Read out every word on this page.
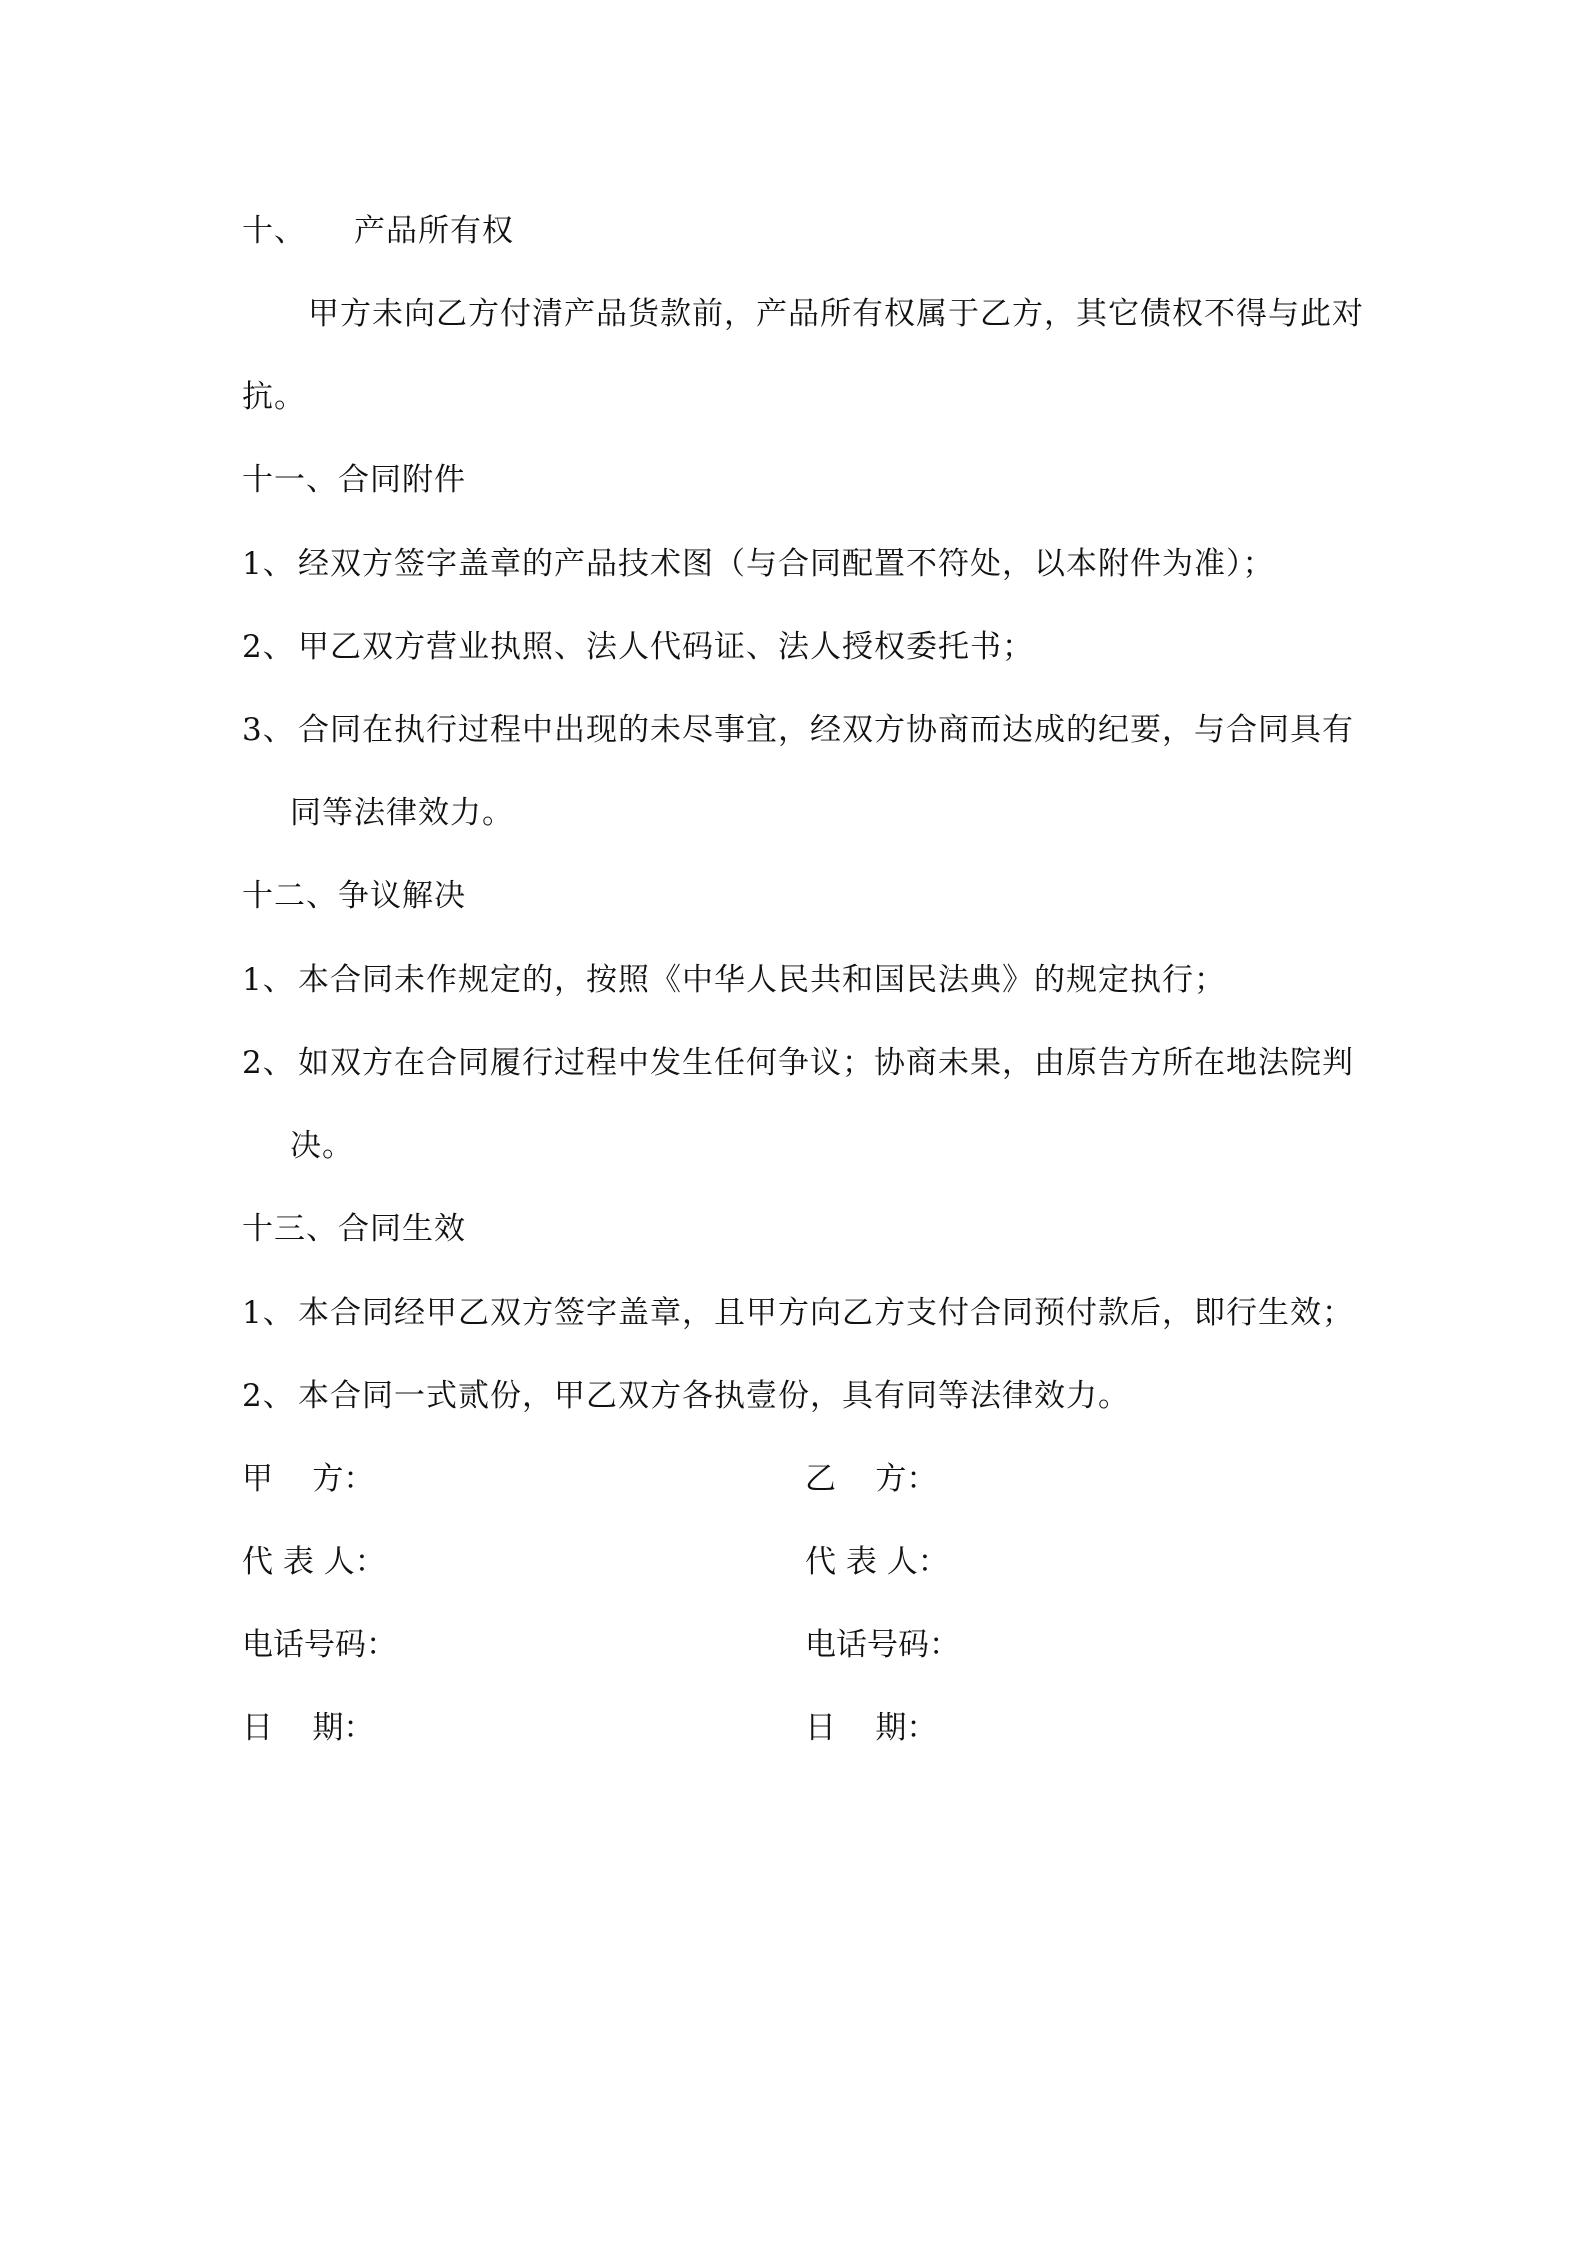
十、 产品所有权
甲方未向乙方付清产品货款前，产品所有权属于乙方，其它债权不得与此对
抗。
十一、合同附件
1、 经双方签字盖章的产品技术图（与合同配置不符处，以本附件为准）；
2、 甲乙双方营业执照、法人代码证、法人授权委托书；
3、 合同在执行过程中出现的未尽事宜，经双方协商而达成的纪要，与合同具有
同等法律效力。
十二、争议解决
1、 本合同未作规定的，按照《中华人民共和国民法典》的规定执行；
2、 如双方在合同履行过程中发生任何争议；协商未果，由原告方所在地法院判
决。
十三、合同生效
1、 本合同经甲乙双方签字盖章，且甲方向乙方支付合同预付款后，即行生效；
2、 本合同一式贰份，甲乙双方各执壹份，具有同等法律效力。
甲    方：
代 表 人：
电话号码：
日    期：
乙    方：
代 表 人：
电话号码：
日    期：
